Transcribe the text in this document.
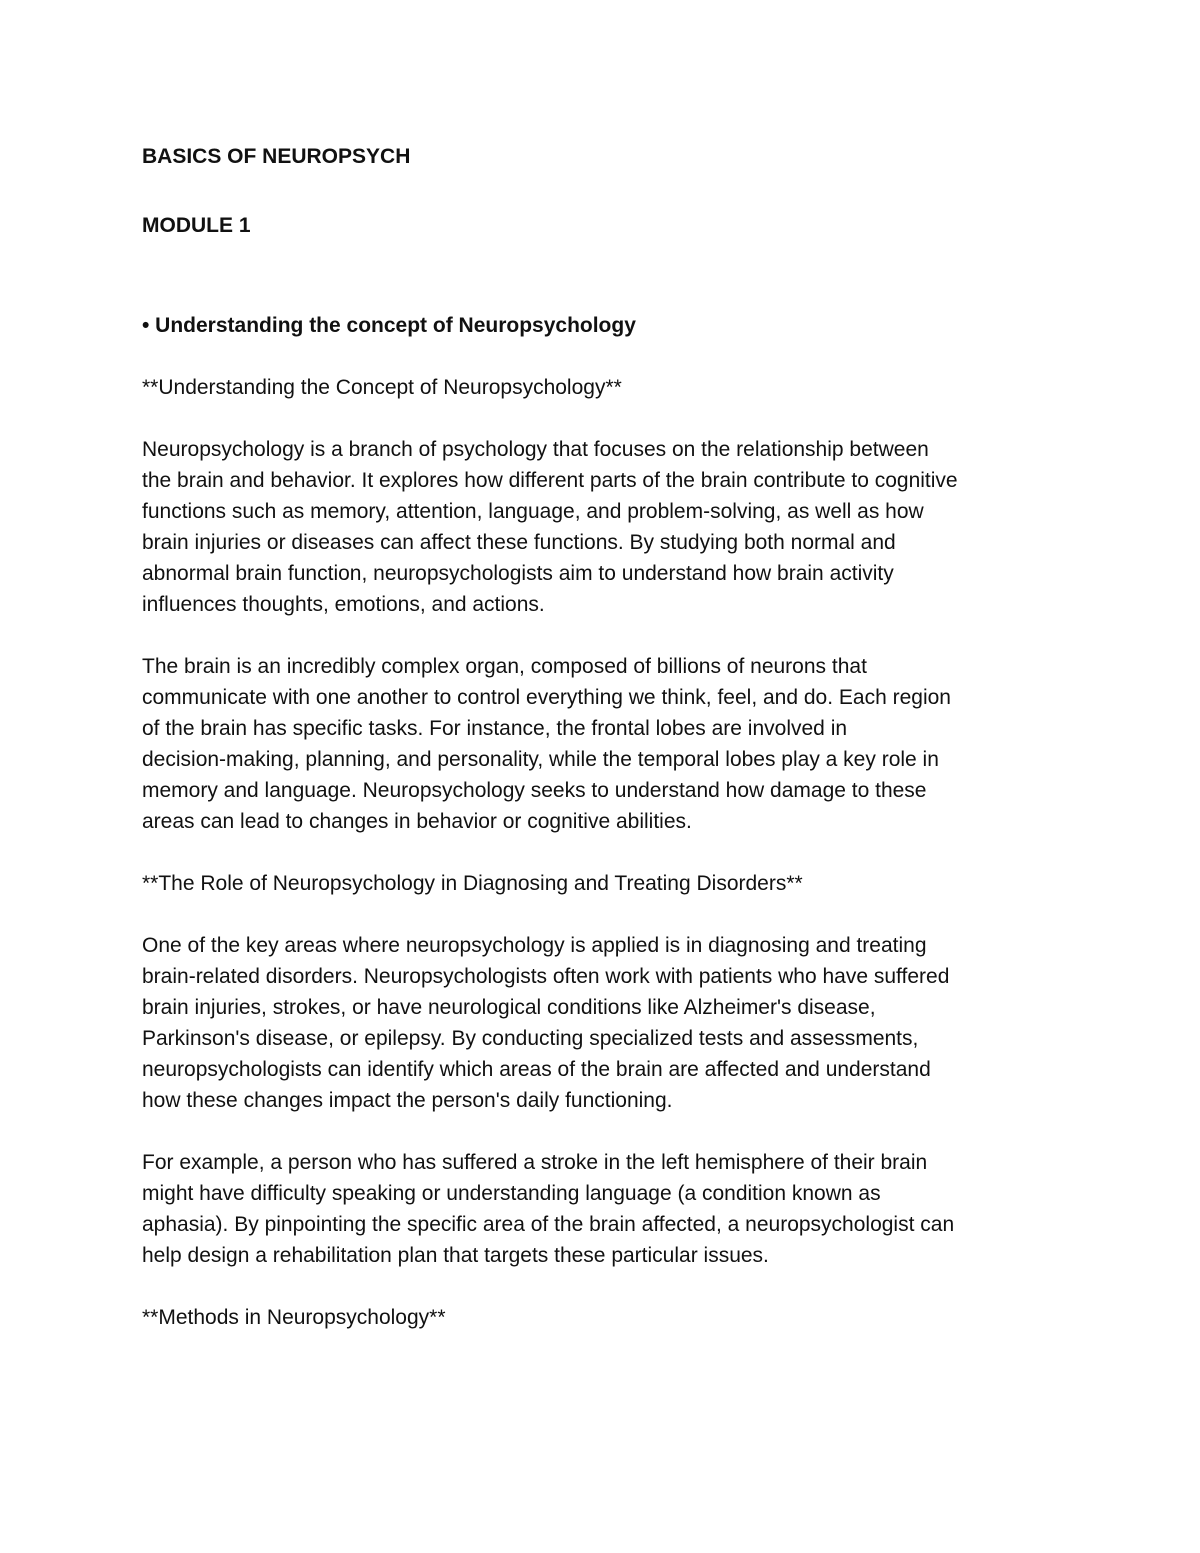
BASICS OF NEUROPSYCH
MODULE 1
• Understanding the concept of Neuropsychology
**Understanding the Concept of Neuropsychology**
Neuropsychology is a branch of psychology that focuses on the relationship between
the brain and behavior. It explores how different parts of the brain contribute to cognitive
functions such as memory, attention, language, and problem-solving, as well as how
brain injuries or diseases can affect these functions. By studying both normal and
abnormal brain function, neuropsychologists aim to understand how brain activity
influences thoughts, emotions, and actions.
The brain is an incredibly complex organ, composed of billions of neurons that
communicate with one another to control everything we think, feel, and do. Each region
of the brain has specific tasks. For instance, the frontal lobes are involved in
decision-making, planning, and personality, while the temporal lobes play a key role in
memory and language. Neuropsychology seeks to understand how damage to these
areas can lead to changes in behavior or cognitive abilities.
**The Role of Neuropsychology in Diagnosing and Treating Disorders**
One of the key areas where neuropsychology is applied is in diagnosing and treating
brain-related disorders. Neuropsychologists often work with patients who have suffered
brain injuries, strokes, or have neurological conditions like Alzheimer's disease,
Parkinson's disease, or epilepsy. By conducting specialized tests and assessments,
neuropsychologists can identify which areas of the brain are affected and understand
how these changes impact the person's daily functioning.
For example, a person who has suffered a stroke in the left hemisphere of their brain
might have difficulty speaking or understanding language (a condition known as
aphasia). By pinpointing the specific area of the brain affected, a neuropsychologist can
help design a rehabilitation plan that targets these particular issues.
**Methods in Neuropsychology**
